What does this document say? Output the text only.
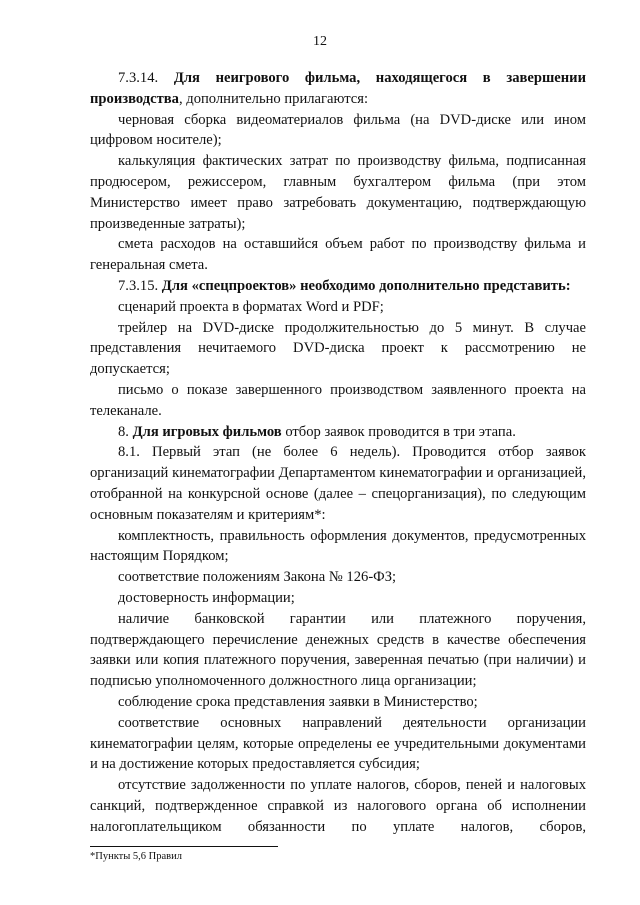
12

7.3.14. Для неигрового фильма, находящегося в завершении производства, дополнительно прилагаются:

черновая сборка видеоматериалов фильма (на DVD-диске или ином цифровом носителе);

калькуляция фактических затрат по производству фильма, подписанная продюсером, режиссером, главным бухгалтером фильма (при этом Министерство имеет право затребовать документацию, подтверждающую произведенные затраты);

смета расходов на оставшийся объем работ по производству фильма и генеральная смета.

7.3.15. Для «спецпроектов» необходимо дополнительно представить:

сценарий проекта в форматах Word и PDF;

трейлер на DVD-диске продолжительностью до 5 минут. В случае представления нечитаемого DVD-диска проект к рассмотрению не допускается;

письмо о показе завершенного производством заявленного проекта на телеканале.

8. Для игровых фильмов отбор заявок проводится в три этапа.

8.1. Первый этап (не более 6 недель). Проводится отбор заявок организаций кинематографии Департаментом кинематографии и организацией, отобранной на конкурсной основе (далее – спецорганизация), по следующим основным показателям и критериям*:

комплектность, правильность оформления документов, предусмотренных настоящим Порядком;

соответствие положениям Закона № 126-ФЗ;

достоверность информации;

наличие банковской гарантии или платежного поручения, подтверждающего перечисление денежных средств в качестве обеспечения заявки или копия платежного поручения, заверенная печатью (при наличии) и подписью уполномоченного должностного лица организации;

соблюдение срока представления заявки в Министерство;

соответствие основных направлений деятельности организации кинематографии целям, которые определены ее учредительными документами и на достижение которых предоставляется субсидия;

отсутствие задолженности по уплате налогов, сборов, пеней и налоговых санкций, подтвержденное справкой из налогового органа об исполнении налогоплательщиком обязанности по уплате налогов, сборов,

*Пункты 5,6 Правил
